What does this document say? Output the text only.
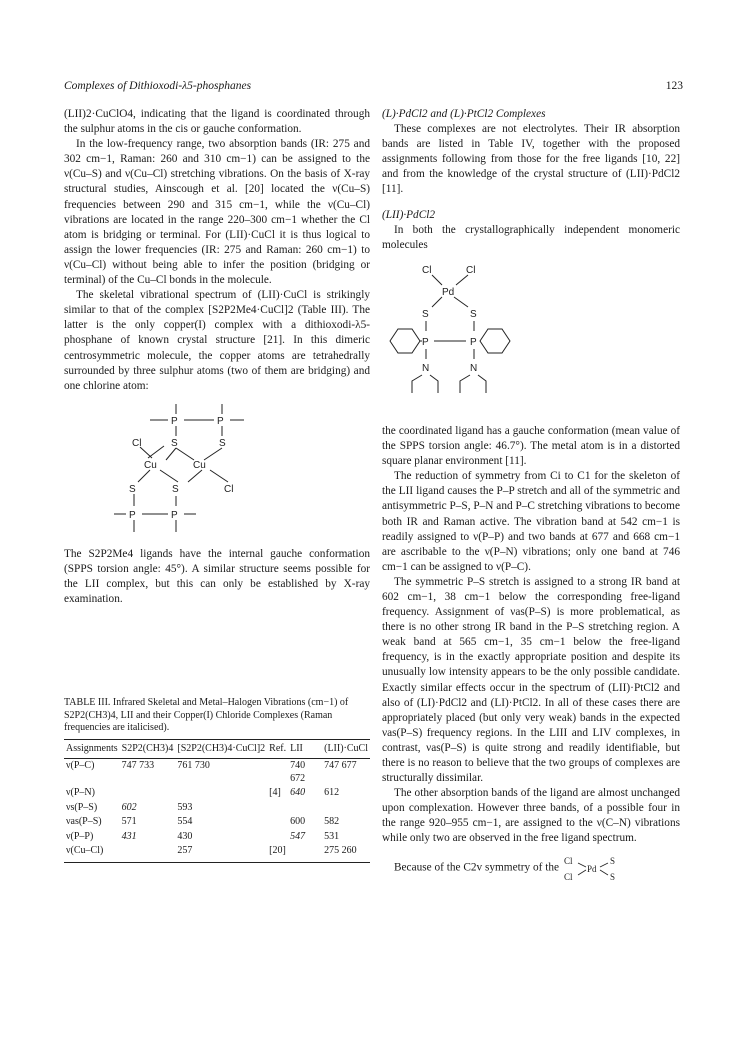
Complexes of Dithioxodi-λ5-phosphanes	123

(LII)2·CuClO4, indicating that the ligand is coordinated through the sulphur atoms in the cis or gauche conformation.

In the low-frequency range, two absorption bands (IR: 275 and 302 cm−1, Raman: 260 and 310 cm−1) can be assigned to the ν(Cu–S) and ν(Cu–Cl) stretching vibrations. On the basis of X-ray structural studies, Ainscough et al. [20] located the ν(Cu–S) frequencies between 290 and 315 cm−1, while the ν(Cu–Cl) vibrations are located in the range 220–300 cm−1 whether the Cl atom is bridging or terminal. For (LII)·CuCl it is thus logical to assign the lower frequencies (IR: 275 and Raman: 260 cm−1) to ν(Cu–Cl) without being able to infer the position (bridging or terminal) of the Cu–Cl bonds in the molecule.

The skeletal vibrational spectrum of (LII)·CuCl is strikingly similar to that of the complex [S2P2Me4·CuCl]2 (Table III). The latter is the only copper(I) complex with a dithioxodi-λ5-phosphane of known crystal structure [21]. In this dimeric centrosymmetric molecule, the copper atoms are tetrahedrally surrounded by three sulphur atoms (two of them are bridging) and one chlorine atom:

P	P
Cl	S	S
Cu	Cu
S	S	Cl
P	P

The S2P2Me4 ligands have the internal gauche conformation (SPPS torsion angle: 45°). A similar structure seems possible for the LII complex, but this can only be established by X-ray examination.

TABLE III. Infrared Skeletal and Metal–Halogen Vibrations (cm−1) of S2P2(CH3)4, LII and their Copper(I) Chloride Complexes (Raman frequencies are italicised).
Assignments	S2P2(CH3)4	[S2P2(CH3)4·CuCl]2	Ref.	LII	(LII)·CuCl
ν(P–C)	747 733	761 730		740 672	747 677
ν(P–N)			[4]	640	612
νs(P–S)	602	593			
νas(P–S)	571	554		600	582
ν(P–P)	431	430		547	531
ν(Cu–Cl)		257	[20]		275 260

(L)·PdCl2 and (L)·PtCl2 Complexes

These complexes are not electrolytes. Their IR absorption bands are listed in Table IV, together with the proposed assignments following from those for the free ligands [10, 22] and from the knowledge of the crystal structure of (LII)·PdCl2 [11].

(LII)·PdCl2

In both the crystallographically independent monomeric molecules

Cl	Cl
Pd
S	S
P	P
N	N

the coordinated ligand has a gauche conformation (mean value of the SPPS torsion angle: 46.7°). The metal atom is in a distorted square planar environment [11].

The reduction of symmetry from Ci to C1 for the skeleton of the LII ligand causes the P–P stretch and all of the symmetric and antisymmetric P–S, P–N and P–C stretching vibrations to become both IR and Raman active. The vibration band at 542 cm−1 is readily assigned to ν(P–P) and two bands at 677 and 668 cm−1 are ascribable to the ν(P–N) vibrations; only one band at 746 cm−1 can be assigned to ν(P–C).

The symmetric P–S stretch is assigned to a strong IR band at 602 cm−1, 38 cm−1 below the corresponding free-ligand frequency. Assignment of νas(P–S) is more problematical, as there is no other strong IR band in the P–S stretching region. A weak band at 565 cm−1, 35 cm−1 below the free-ligand frequency, is in the exactly appropriate position and despite its unusually low intensity appears to be the only possible candidate. Exactly similar effects occur in the spectrum of (LII)·PtCl2 and also of (LI)·PdCl2 and (LI)·PtCl2. In all of these cases there are appropriately placed (but only very weak) bands in the expected νas(P–S) frequency regions. In the LIII and LIV complexes, in contrast, νas(P–S) is quite strong and readily identifiable, but there is no reason to believe that the two groups of complexes are structurally dissimilar.

The other absorption bands of the ligand are almost unchanged upon complexation. However three bands, of a possible four in the range 920–955 cm−1, are assigned to the ν(C–N) vibrations while only two are observed in the free ligand spectrum.

Because of the C2v symmetry of the
Cl
Cl
Pd
S
S
